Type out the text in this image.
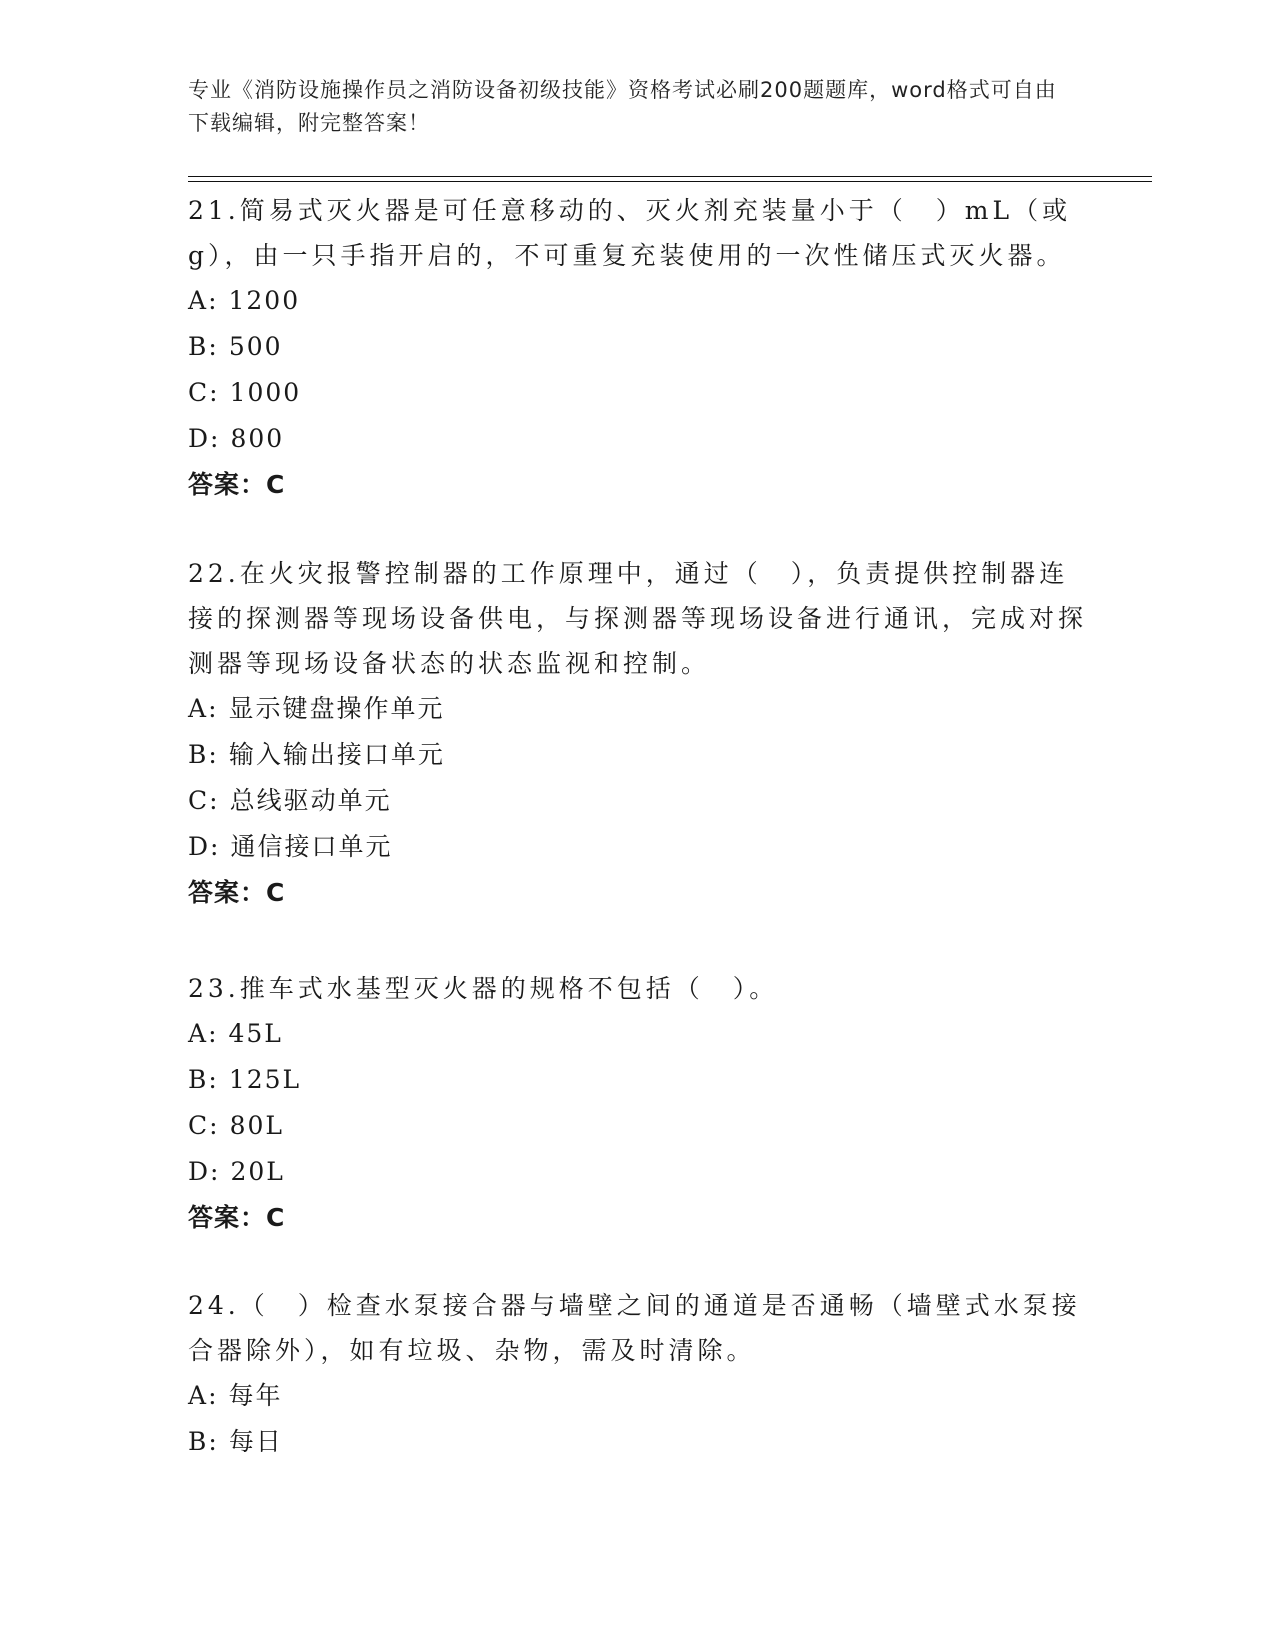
专业《消防设施操作员之消防设备初级技能》资格考试必刷200题题库，word格式可自由下载编辑，附完整答案！

21.简易式灭火器是可任意移动的、灭火剂充装量小于（　）mL（或g），由一只手指开启的，不可重复充装使用的一次性储压式灭火器。

A: 1200

B: 500

C: 1000

D: 800

答案：C

22.在火灾报警控制器的工作原理中，通过（　），负责提供控制器连接的探测器等现场设备供电，与探测器等现场设备进行通讯，完成对探测器等现场设备状态的状态监视和控制。

A: 显示键盘操作单元

B: 输入输出接口单元

C: 总线驱动单元

D: 通信接口单元

答案：C

23.推车式水基型灭火器的规格不包括（　）。

A: 45L

B: 125L

C: 80L

D: 20L

答案：C

24.（　）检查水泵接合器与墙壁之间的通道是否通畅（墙壁式水泵接合器除外），如有垃圾、杂物，需及时清除。

A: 每年

B: 每日
